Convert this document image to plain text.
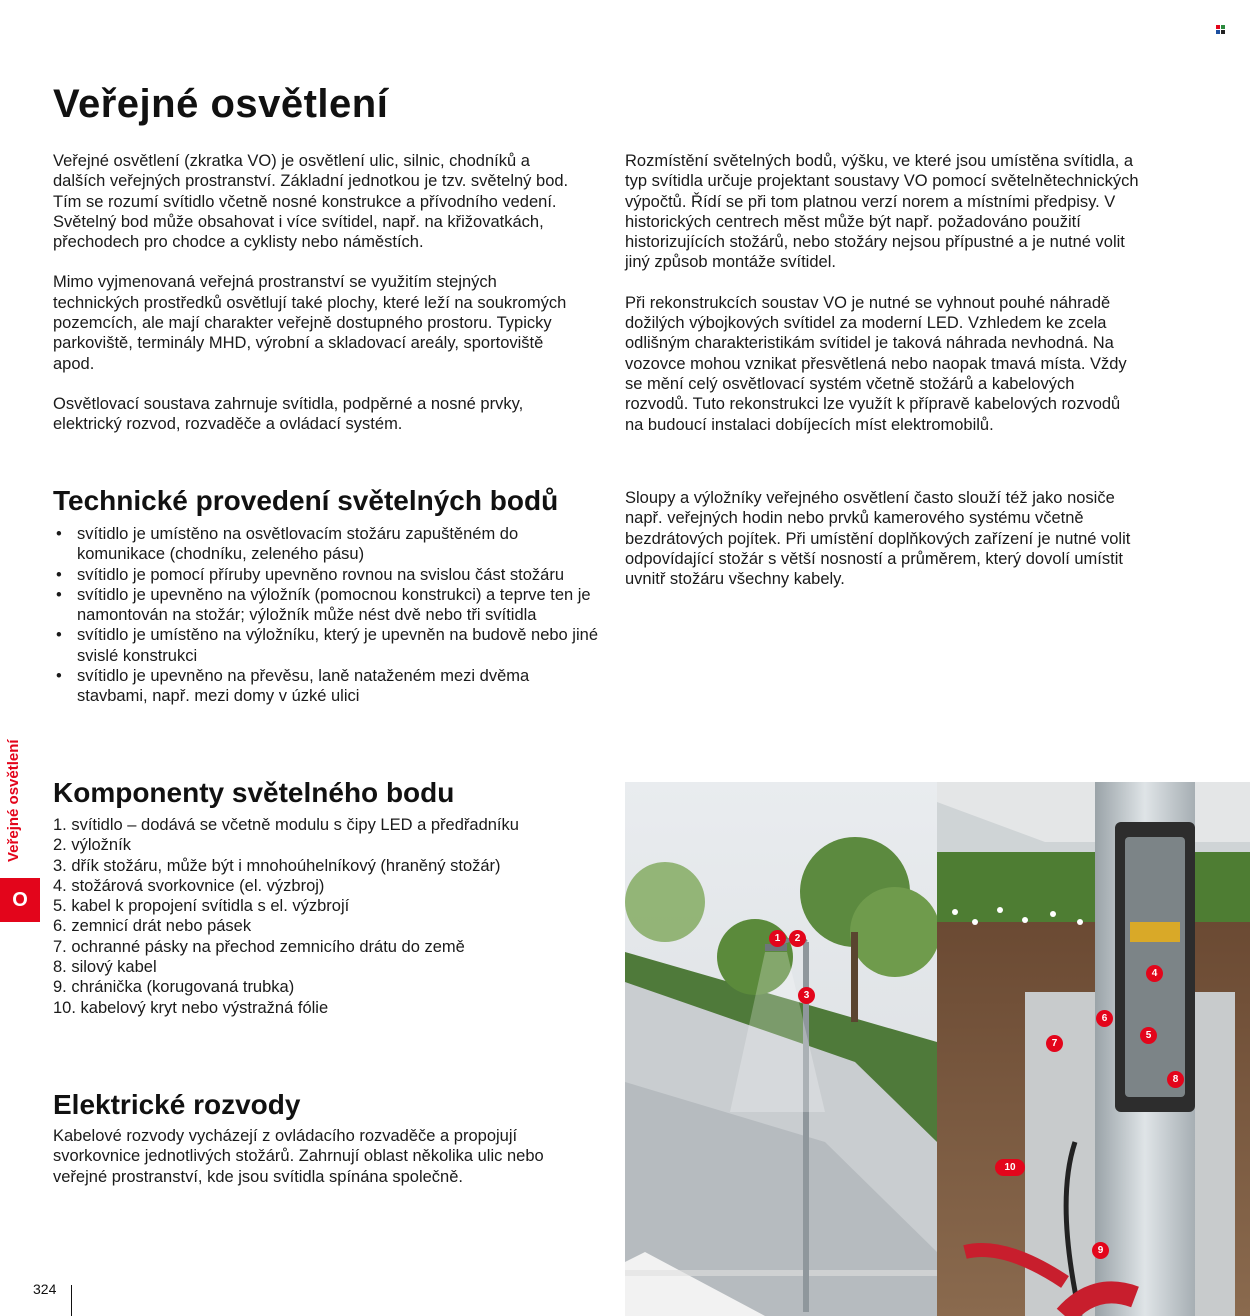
Veřejné osvětlení

Veřejné osvětlení (zkratka VO) je osvětlení ulic, silnic, chodníků a dalších veřejných prostranství. Základní jednotkou je tzv. světelný bod. Tím se rozumí svítidlo včetně nosné konstrukce a přívodního vedení. Světelný bod může obsahovat i více svítidel, např. na křižovatkách, přechodech pro chodce a cyklisty nebo náměstích.

Mimo vyjmenovaná veřejná prostranství se využitím stejných technických prostředků osvětlují také plochy, které leží na soukromých pozemcích, ale mají charakter veřejně dostupného prostoru. Typicky parkoviště, terminály MHD, výrobní a skladovací areály, sportoviště apod.

Osvětlovací soustava zahrnuje svítidla, podpěrné a nosné prvky, elektrický rozvod, rozvaděče a ovládací systém.

Rozmístění světelných bodů, výšku, ve které jsou umístěna svítidla, a typ svítidla určuje projektant soustavy VO pomocí světelnětechnických výpočtů. Řídí se při tom platnou verzí norem a místními předpisy. V historických centrech měst může být např. požadováno použití historizujících stožárů, nebo stožáry nejsou přípustné a je nutné volit jiný způsob montáže svítidel.

Při rekonstrukcích soustav VO je nutné se vyhnout pouhé náhradě dožilých výbojkových svítidel za moderní LED. Vzhledem ke zcela odlišným charakteristikám svítidel je taková náhrada nevhodná. Na vozovce mohou vznikat přesvětlená nebo naopak tmavá místa. Vždy se mění celý osvětlovací systém včetně stožárů a kabelových rozvodů. Tuto rekonstrukci lze využít k přípravě kabelových rozvodů na budoucí instalaci dobíjecích míst elektromobilů.

Technické provedení světelných bodů
• svítidlo je umístěno na osvětlovacím stožáru zapuštěném do komunikace (chodníku, zeleného pásu)
• svítidlo je pomocí příruby upevněno rovnou na svislou část stožáru
• svítidlo je upevněno na výložník (pomocnou konstrukci) a teprve ten je namontován na stožár; výložník může nést dvě nebo tři svítidla
• svítidlo je umístěno na výložníku, který je upevněn na budově nebo jiné svislé konstrukci
• svítidlo je upevněno na převěsu, laně nataženém mezi dvěma stavbami, např. mezi domy v úzké ulici

Sloupy a výložníky veřejného osvětlení často slouží též jako nosiče např. veřejných hodin nebo prvků kamerového systému včetně bezdrátových pojítek. Při umístění doplňkových zařízení je nutné volit odpovídající stožár s větší nosností a průměrem, který dovolí umístit uvnitř stožáru všechny kabely.

Komponenty světelného bodu
1. svítidlo – dodává se včetně modulu s čipy LED a předřadníku
2. výložník
3. dřík stožáru, může být i mnohoúhelníkový (hraněný stožár)
4. stožárová svorkovnice (el. výzbroj)
5. kabel k propojení svítidla s el. výzbrojí
6. zemnicí drát nebo pásek
7. ochranné pásky na přechod zemnicího drátu do země
8. silový kabel
9. chránička (korugovaná trubka)
10. kabelový kryt nebo výstražná fólie
Elektrické rozvody

Kabelové rozvody vycházejí z ovládacího rozvaděče a propojují svorkovnice jednotlivých stožárů. Zahrnují oblast několika ulic nebo veřejné prostranství, kde jsou svítidla spínána společně.

Veřejné osvětlení
O
324
1	2
3
4
5
6
7
8
9
10
